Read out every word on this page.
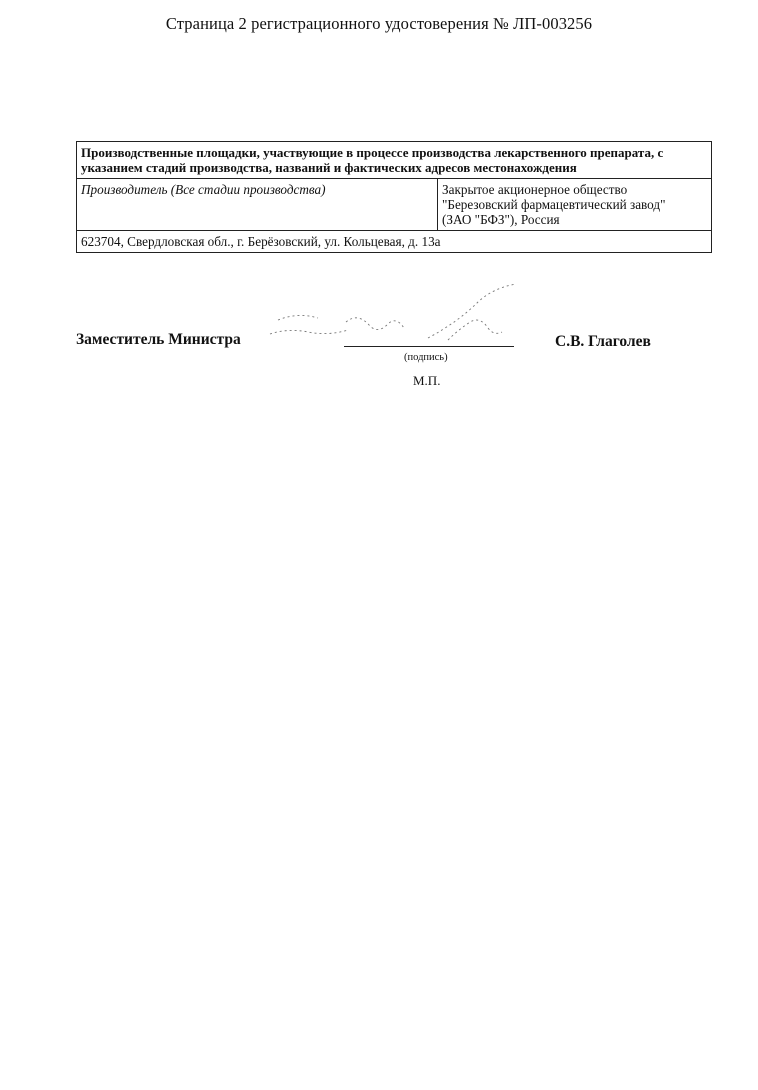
Страница 2 регистрационного удостоверения № ЛП-003256
Производственные площадки, участвующие в процессе производства лекарственного препарата, с указанием стадий производства, названий и фактических адресов местонахождения
Производитель (Все стадии производства)	Закрытое акционерное общество
"Березовский фармацевтический завод"
(ЗАО "БФЗ"), Россия

623704, Свердловская обл., г. Берёзовский, ул. Кольцевая, д. 13а
Заместитель Министра
(подпись)
М.П.
С.В. Глаголев
